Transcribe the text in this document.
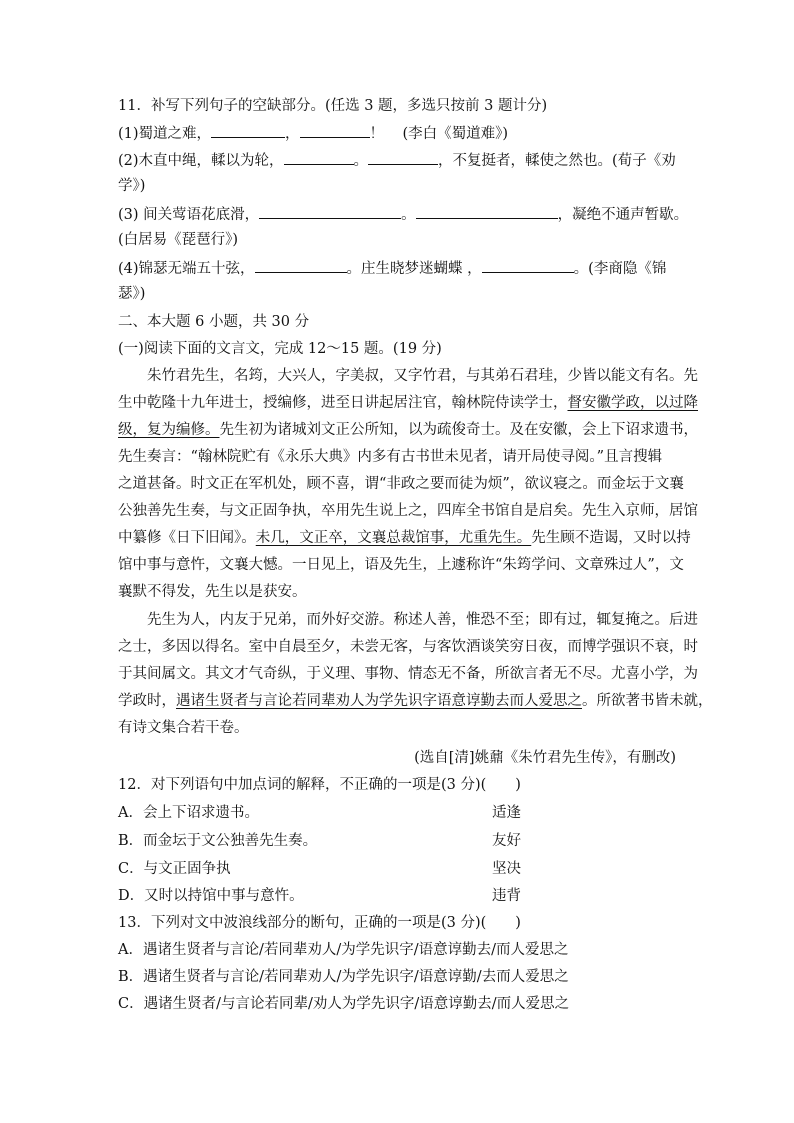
11．补写下列句子的空缺部分。(任选 3 题，多选只按前 3 题计分)
(1)蜀道之难，	，	！ (李白《蜀道难》)
(2)木直中绳，輮以为轮，	。	，不复挺者，輮使之然也。(荀子《劝
学》)
(3) 间关莺语花底滑，	。	，凝绝不通声暂歇。
(白居易《琵琶行》)
(4)锦瑟无端五十弦，	。庄生晓梦迷蝴蝶 ，	。(李商隐《锦
瑟》)
二、本大题 6 小题，共 30 分
(一)阅读下面的文言文，完成 12～15 题。(19 分)
朱竹君先生，名筠，大兴人，字美叔，又字竹君，与其弟石君珪，少皆以能文有名。先
生中乾隆十九年进士，授编修，进至日讲起居注官，翰林院侍读学士，督安徽学政，以过降
级，复为编修。先生初为诸城刘文正公所知，以为疏俊奇士。及在安徽，会上下诏求遗书，
先生奏言：“翰林院贮有《永乐大典》内多有古书世未见者，请开局使寻阅。”且言搜辑
之道甚备。时文正在军机处，顾不喜，谓“非政之要而徒为烦”，欲议寝之。而金坛于文襄
公独善先生奏，与文正固争执，卒用先生说上之，四库全书馆自是启矣。先生入京师，居馆
中纂修《日下旧闻》。未几，文正卒，文襄总裁馆事，尤重先生。先生顾不造谒，又时以持
馆中事与意忤，文襄大憾。一日见上，语及先生，上遽称许“朱筠学问、文章殊过人”，文
襄默不得发，先生以是获安。
先生为人，内友于兄弟，而外好交游。称述人善，惟恐不至；即有过，辄复掩之。后进
之士，多因以得名。室中自晨至夕，未尝无客，与客饮酒谈笑穷日夜，而博学强识不衰，时
于其间属文。其文才气奇纵，于义理、事物、情态无不备，所欲言者无不尽。尤喜小学，为
学政时，遇诸生贤者与言论若同辈劝人为学先识字语意谆勤去而人爱思之。所欲著书皆未就，
有诗文集合若干卷。
(选自[清]姚鼐《朱竹君先生传》，有删改)
12．对下列语句中加点词的解释，不正确的一项是(3 分)(　　)
A．会上下诏求遗书。	适逢
B．而金坛于文公独善先生奏。	友好
C．与文正固争执	坚决
D．又时以持馆中事与意忤。	违背
13．下列对文中波浪线部分的断句，正确的一项是(3 分)(　　)
A．遇诸生贤者与言论/若同辈劝人/为学先识字/语意谆勤去/而人爱思之
B．遇诸生贤者与言论/若同辈劝人/为学先识字/语意谆勤/去而人爱思之
C．遇诸生贤者/与言论若同辈/劝人为学先识字/语意谆勤去/而人爱思之
